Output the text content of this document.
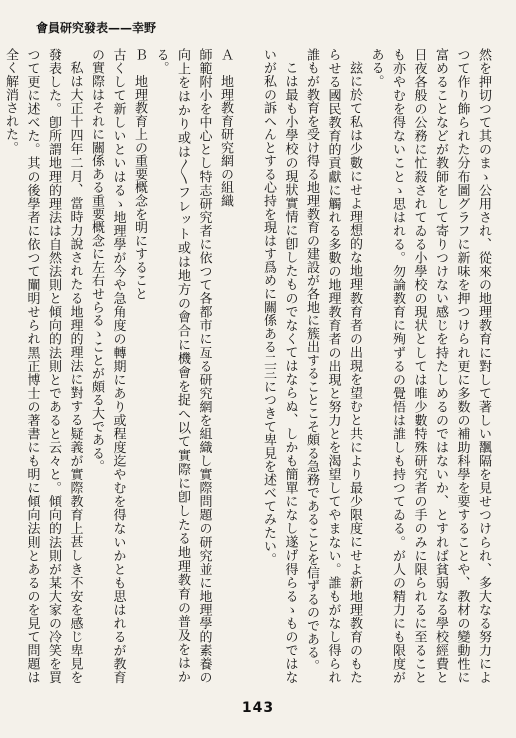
會員研究發表——幸野

然を押切つて其のまゝ公用され、從來の地理教育に對して著しい飁隔を見せつけられ、多大なる努力によつて作り飾られた分布圖グラフに新味を押つけられ更に多数の補助科學を要することや、教材の變動性に富めることなどが教師をして寄りつけない感じを持たしめるのではないか、とすれば貧弱なる學校經費と日夜各般の公務に忙殺されてゐる小學校の現状としては唯少數特殊研究者の手のみに限られるに至ることも亦やむを得ないことゝ思はれる。勿論教育に殉ずるの覺悟は誰しも持つてゐる。が人の精力にも限度がある。

玆に於て私は少數にせよ理想的な地理教育者の出現を望むと共により最少限度にせよ新地理教育のもたらせる國民教育的貢獻に觸れる多數の地理教育者の出現と努力とを渴望してやまない。誰もがなし得られ誰もが教育を受け得る地理教育の建設が各地に簇出することこそ頗る急務であることを信ずるのである。

こは最も小學校の現狀實情に卽したものでなくてはならぬ、しかも簡單になし遂げ得らるゝものではないが私の訴へんとする心持を現はす爲めに關係ある二三につきて卑見を述べてみたい。

Ａ　地理教育研究網の組織

師範附小を中心とし特志研究者に依つて各都市に亙る研究網を組織し實際問題の研究並に地理學的素養の向上をはかり或は〳〵フレット或は地方の會合に機會を捉へ以て實際に卽したる地理教育の普及をはかる。

Ｂ　地理教育上の重要概念を明にすること

古くして新しいといはるゝ地理學が今や急角度の轉期にあり或程度迄やむを得ないかとも思はれるが教育の實際はそれに關係ある重要概念に左右せらるゝことが頗る大である。

私は大正十四年二月、當時力說されたる地理的理法に對する疑義が實際教育上甚しき不安を感じ卑見を發表した。卽所謂地理的理法は自然法則と傾向的法則とであると云々と。傾向的法則が某大家の冷笑を買つて更に述べた。其の後學者に依つて闡明せられ黑正博士の著書にも明に傾向法則とあるのを見て問題は全く解消された。

143
